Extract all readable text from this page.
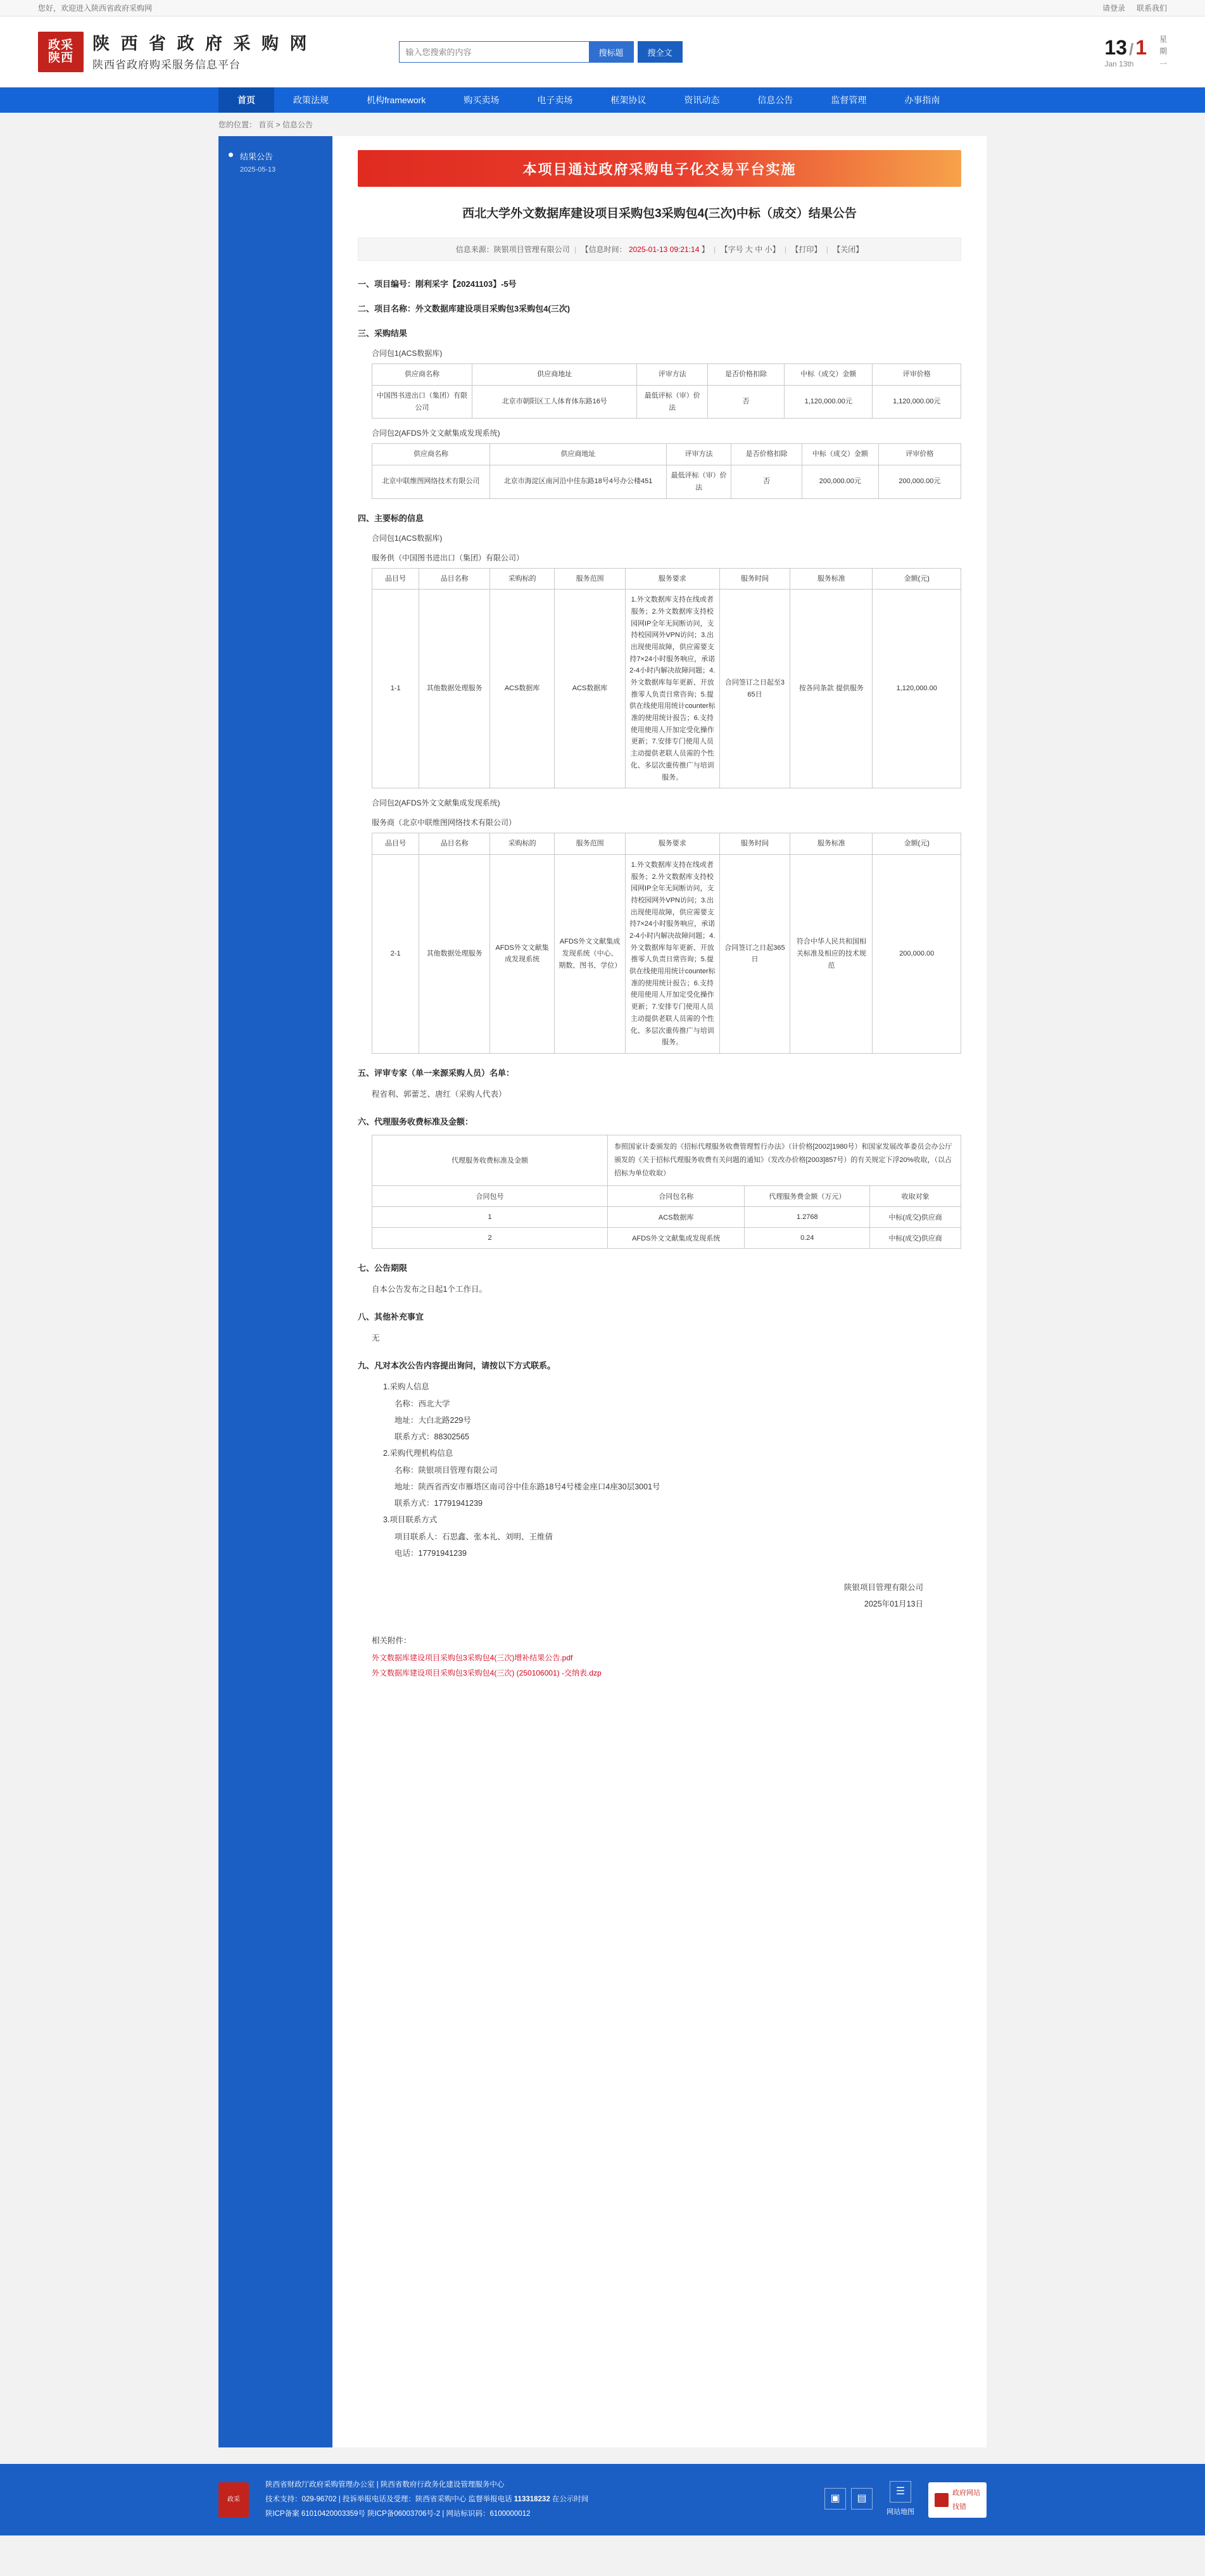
您好，欢迎进入陕西省政府采购网	请登录 联系我们
政采
陕西
陕 西 省 政 府 采 购 网
陕西省政府购采服务信息平台
输入您搜索的内容
搜标题	搜全文	13 / 1
Jan 13th
星
期
一
首页	政策法规	机构framework	购买卖场	电子卖场	框架协议	资讯动态	信息公告	监督管理	办事指南
您的位置： 首页 > 信息公告
结果公告
2025-05-13	本项目通过政府采购电子化交易平台实施
西北大学外文数据库建设项目采购包3采购包4(三次)中标（成交）结果公告
信息来源：陕银项目管理有限公司 | 【信息时间： 2025-01-13 09:21:14 】 | 【字号 大 中 小】 | 【打印】 | 【关闭】
一、项目编号：刚利采字【20241103】-5号
二、项目名称：外文数据库建设项目采购包3采购包4(三次)
三、采购结果
合同包1(ACS数据库)
供应商名称	供应商地址	评审方法	是否价格扣除	中标（成交）金额	评审价格
中国图书进出口（集团）有限公司	北京市朝阳区工人体育体东路16号	最低评标（审）价法	否	1,120,000.00元	1,120,000.00元
合同包2(AFDS外文文献集成发现系统)
供应商名称	供应商地址	评审方法	是否价格扣除	中标（成交）金额	评审价格
北京中联维图网络技术有限公司	北京市海淀区南河沿中佳东路18号4号办公楼451	最低评标（审）价法	否	200,000.00元	200,000.00元
四、主要标的信息
合同包1(ACS数据库)
服务供（中国图书进出口（集团）有限公司）
品目号	品目名称	采购标的	服务范围	服务要求	服务时间	服务标准	金额(元)
1-1	其他数据处理服务	ACS数据库	ACS数据库	1.外文数据库支持在线或者服务；2.外文数据库支持校园网IP全年无间断访问，支持校园网外VPN访问；3.出出现使用故障，供应需要支持7×24小时服务响应，承诺2-4小时内解决故障问题；4.外文数据库每年更新、开放推零人负责日常咨询；5.提供在线使用用统计counter标准的使用统计报告；6.支持使用使用人开加定受化操作更新；7.安排专门使用人员主动提供老联人员需的个性化、多层次重传推广与培训服务。	合同签订之日起至365日	按各同条款 提供服务	1,120,000.00
合同包2(AFDS外文文献集成发现系统)
服务商（北京中联维图网络技术有限公司）
品目号	品目名称	采购标的	服务范围	服务要求	服务时间	服务标准	金额(元)
2-1	其他数据处理服务	AFDS外文文献集成发现系统	AFDS外文文献集成发现系统（中心、期数、图书、学位）	1.外文数据库支持在线或者服务；2.外文数据库支持校园网IP全年无间断访问，支持校园网外VPN访问；3.出出现使用故障，供应需要支持7×24小时服务响应，承诺2-4小时内解决故障问题；4.外文数据库每年更新、开放推零人负责日常咨询；5.提供在线使用用统计counter标准的使用统计报告；6.支持使用使用人开加定受化操作更新；7.安排专门使用人员主动提供老联人员需的个性化、多层次重传推广与培训服务。	合同签订之日起365日	符合中华人民共和国相关标准及相应的技术规范	200,000.00
五、评审专家（单一来源采购人员）名单：
程省利、郭蕾芝、唐红（采购人代表）
六、代理服务收费标准及金额：
代理服务收费标准及金额	参照国家计委颁发的《招标代理服务收费管理暂行办法》（计价格[2002]1980号）和国家发展改革委员会办公厅颁发的《关于招标代理服务收费有关问题的通知》（发改办价格[2003]857号）的有关规定下浮20%收取，（以占招标为单位收取）		
合同包号	合同包名称	代理服务费金额（万元）	收取对象
1	ACS数据库	1.2768	中标(成交)供应商
2	AFDS外文文献集成发现系统	0.24	中标(成交)供应商
七、公告期限
自本公告发布之日起1个工作日。
八、其他补充事宜
无
九、凡对本次公告内容提出询问，请按以下方式联系。
1.采购人信息
名称：西北大学
地址：大白北路229号
联系方式：88302565
2.采购代理机构信息
名称：陕银项目管理有限公司
地址：陕西省西安市雁塔区南司谷中佳东路18号4号楼金座口4座30层3001号
联系方式：17791941239
3.项目联系方式
项目联系人：石思鑫、张本礼、刘明、王维倩
电话：17791941239
陕银项目管理有限公司
2025年01月13日
相关附件：
外文数据库建设项目采购包3采购包4(三次)增补结果公告.pdf
外文数据库建设项目采购包3采购包4(三次) (250106001) -交纳表.dzp
政采
陕西省财政厅政府采购管理办公室 | 陕西省数府行政务化建设管理服务中心
技术支持：029-96702 | 投诉举报电话及受理：陕西省采购中心 监督举报电话 113318232 在公示时间
陕ICP备案 61010420003359号 陕ICP备06003706号-2 | 网站标识码：6100000012
▣	▤
☰
网站地图
政府网站
找错
